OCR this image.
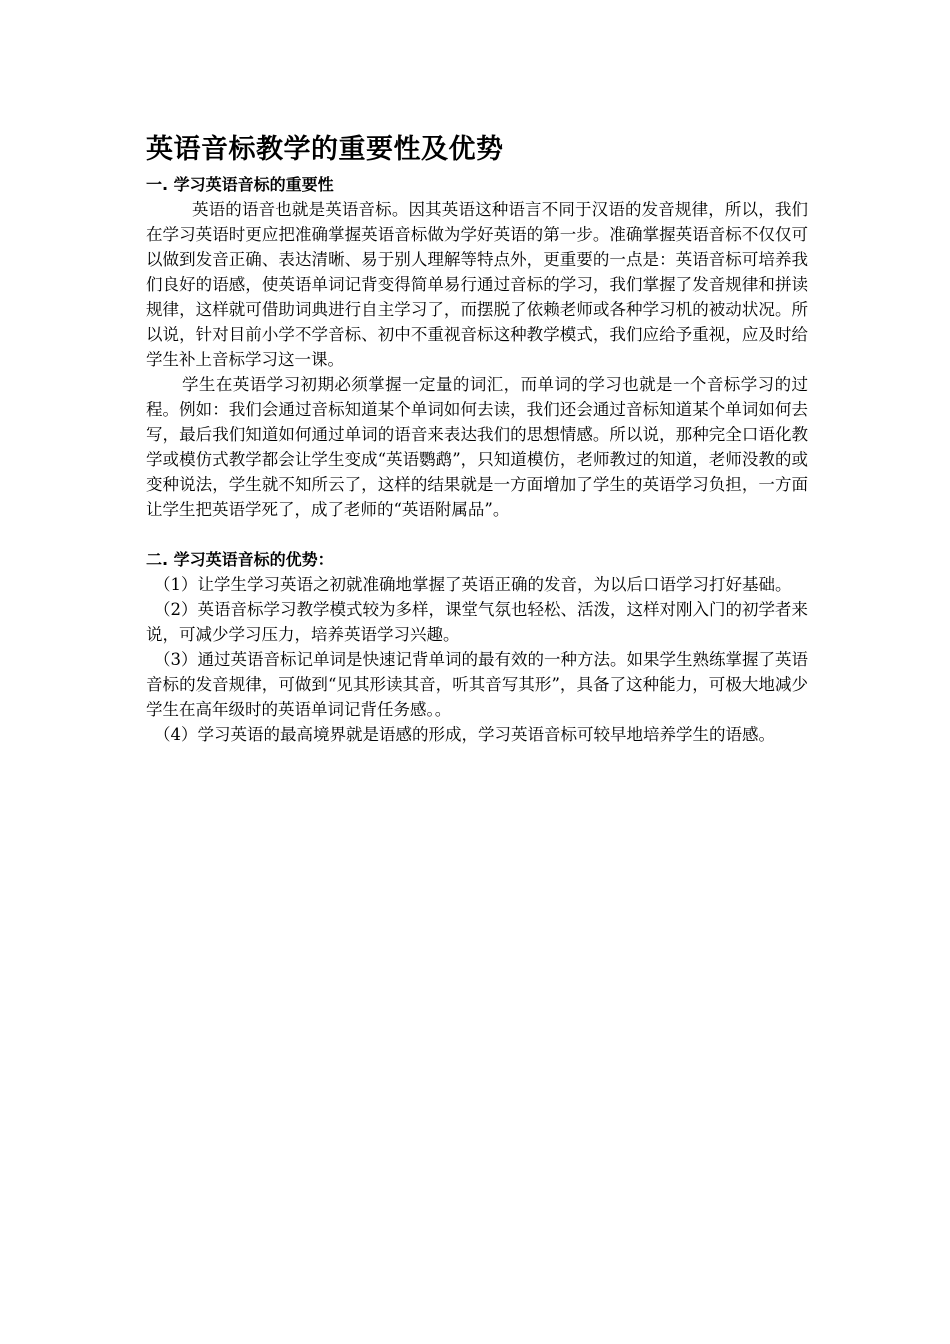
英语音标教学的重要性及优势
一. 学习英语音标的重要性

英语的语音也就是英语音标。因其英语这种语言不同于汉语的发音规律，所以，我们在学习英语时更应把准确掌握英语音标做为学好英语的第一步。准确掌握英语音标不仅仅可以做到发音正确、表达清晰、易于别人理解等特点外，更重要的一点是：英语音标可培养我们良好的语感，使英语单词记背变得简单易行通过音标的学习，我们掌握了发音规律和拼读规律，这样就可借助词典进行自主学习了，而摆脱了依赖老师或各种学习机的被动状况。所以说，针对目前小学不学音标、初中不重视音标这种教学模式，我们应给予重视，应及时给学生补上音标学习这一课。

学生在英语学习初期必须掌握一定量的词汇，而单词的学习也就是一个音标学习的过程。例如：我们会通过音标知道某个单词如何去读，我们还会通过音标知道某个单词如何去写，最后我们知道如何通过单词的语音来表达我们的思想情感。所以说，那种完全口语化教学或模仿式教学都会让学生变成“英语鹦鹉”，只知道模仿，老师教过的知道，老师没教的或变种说法，学生就不知所云了，这样的结果就是一方面增加了学生的英语学习负担，一方面让学生把英语学死了，成了老师的“英语附属品”。

二. 学习英语音标的优势：

（1）让学生学习英语之初就准确地掌握了英语正确的发音，为以后口语学习打好基础。

（2）英语音标学习教学模式较为多样，课堂气氛也轻松、活泼，这样对刚入门的初学者来说，可减少学习压力，培养英语学习兴趣。

（3）通过英语音标记单词是快速记背单词的最有效的一种方法。如果学生熟练掌握了英语音标的发音规律，可做到“见其形读其音，听其音写其形”，具备了这种能力，可极大地减少学生在高年级时的英语单词记背任务感。。

（4）学习英语的最高境界就是语感的形成，学习英语音标可较早地培养学生的语感。
